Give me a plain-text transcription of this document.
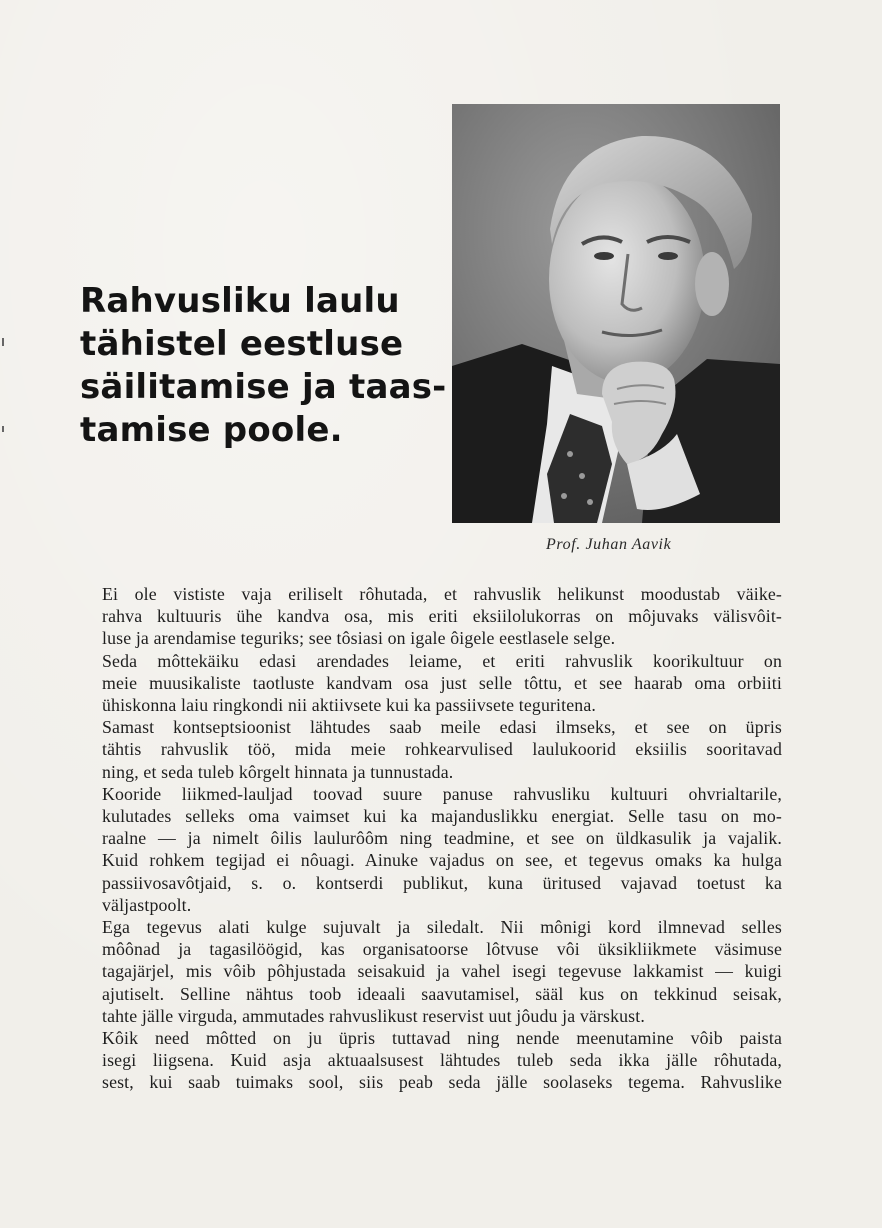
Rahvusliku laulu
tähistel eestluse
säilitamise ja taas-
tamise poole.
Prof. Juhan Aavik

Ei ole vististe vaja eriliselt rôhutada, et rahvuslik helikunst moodustab väike-
rahva kultuuris ühe kandva osa, mis eriti eksiilolukorras on môjuvaks välisvôit-
luse ja arendamise teguriks; see tôsiasi on igale ôigele eestlasele selge.

Seda môttekäiku edasi arendades leiame, et eriti rahvuslik koorikultuur on
meie muusikaliste taotluste kandvam osa just selle tôttu, et see haarab oma orbiiti
ühiskonna laiu ringkondi nii aktiivsete kui ka passiivsete teguritena.

Samast kontseptsioonist lähtudes saab meile edasi ilmseks, et see on üpris
tähtis rahvuslik töö, mida meie rohkearvulised laulukoorid eksiilis sooritavad
ning, et seda tuleb kôrgelt hinnata ja tunnustada.

Kooride liikmed-lauljad toovad suure panuse rahvusliku kultuuri ohvrialtarile,
kulutades selleks oma vaimset kui ka majanduslikku energiat. Selle tasu on mo-
raalne — ja nimelt ôilis laulurôôm ning teadmine, et see on üldkasulik ja vajalik.
Kuid rohkem tegijad ei nôuagi. Ainuke vajadus on see, et tegevus omaks ka hulga
passiivosavôtjaid, s. o. kontserdi publikut, kuna üritused vajavad toetust ka
väljastpoolt.

Ega tegevus alati kulge sujuvalt ja siledalt. Nii mônigi kord ilmnevad selles
môônad ja tagasilöögid, kas organisatoorse lôtvuse vôi üksikliikmete väsimuse
tagajärjel, mis vôib pôhjustada seisakuid ja vahel isegi tegevuse lakkamist — kuigi
ajutiselt. Selline nähtus toob ideaali saavutamisel, sääl kus on tekkinud seisak,
tahte jälle virguda, ammutades rahvuslikust reservist uut jôudu ja värskust.

Kôik need môtted on ju üpris tuttavad ning nende meenutamine vôib paista
isegi liigsena. Kuid asja aktuaalsusest lähtudes tuleb seda ikka jälle rôhutada,
sest, kui saab tuimaks sool, siis peab seda jälle soolaseks tegema. Rahvuslike
